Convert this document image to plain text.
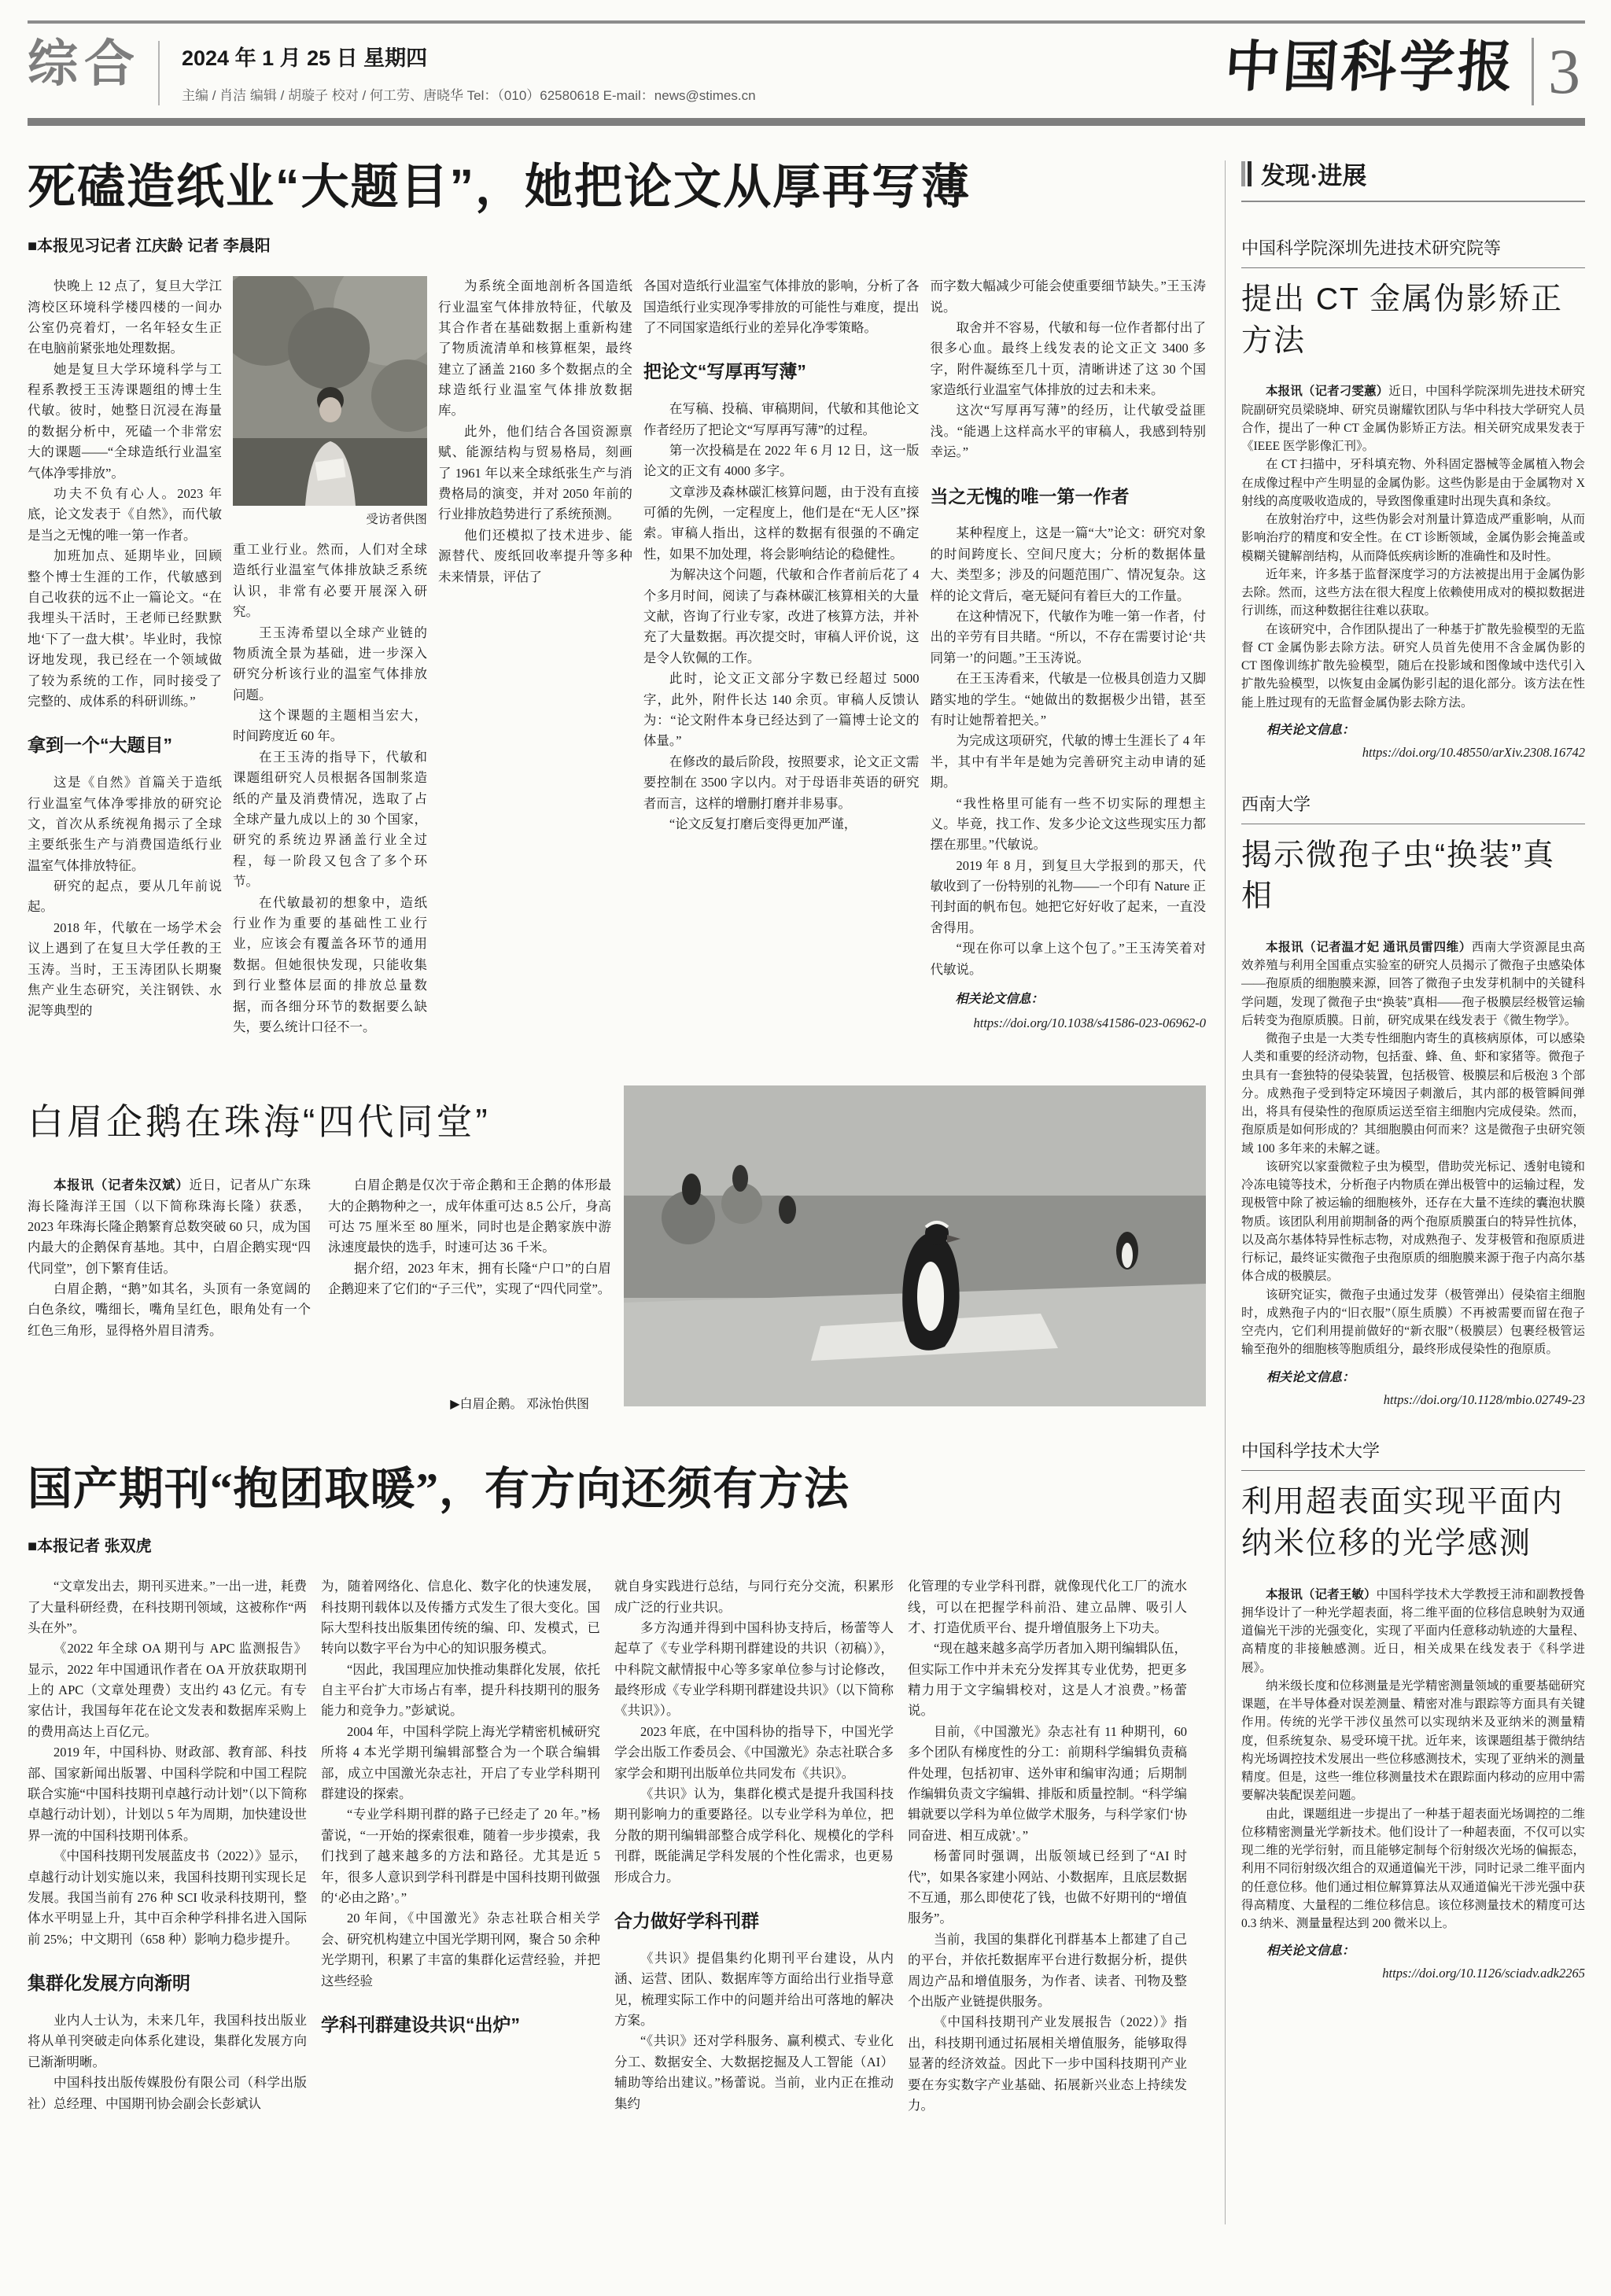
综合 2024 年 1 月 25 日 星期四
主编 / 肖洁 编辑 / 胡璇子 校对 / 何工劳、唐晓华 Tel：（010）62580618 E-mail：news@stimes.cn	中国科学报 3
死磕造纸业“大题目”，她把论文从厚再写薄
■本报见习记者 江庆龄 记者 李晨阳

快晚上 12 点了，复旦大学江湾校区环境科学楼四楼的一间办公室仍亮着灯，一名年轻女生正在电脑前紧张地处理数据。

她是复旦大学环境科学与工程系教授王玉涛课题组的博士生代敏。彼时，她整日沉浸在海量的数据分析中，死磕一个非常宏大的课题——“全球造纸行业温室气体净零排放”。

功夫不负有心人。2023 年底，论文发表于《自然》，而代敏是当之无愧的唯一第一作者。

加班加点、延期毕业，回顾整个博士生涯的工作，代敏感到自己收获的远不止一篇论文。“在我埋头干活时，王老师已经默默地‘下了一盘大棋’。毕业时，我惊讶地发现，我已经在一个领域做了较为系统的工作，同时接受了完整的、成体系的科研训练。”

拿到一个“大题目”

这是《自然》首篇关于造纸行业温室气体净零排放的研究论文，首次从系统视角揭示了全球主要纸张生产与消费国造纸行业温室气体排放特征。

研究的起点，要从几年前说起。

2018 年，代敏在一场学术会议上遇到了在复旦大学任教的王玉涛。当时，王玉涛团队长期聚焦产业生态研究，关注钢铁、水泥等典型的

受访者供图

重工业行业。然而，人们对全球造纸行业温室气体排放缺乏系统认识，非常有必要开展深入研究。

王玉涛希望以全球产业链的物质流全景为基础，进一步深入研究分析该行业的温室气体排放问题。

这个课题的主题相当宏大，时间跨度近 60 年。

在王玉涛的指导下，代敏和课题组研究人员根据各国制浆造纸的产量及消费情况，选取了占全球产量九成以上的 30 个国家，研究的系统边界涵盖行业全过程，每一阶段又包含了多个环节。

在代敏最初的想象中，造纸行业作为重要的基础性工业行业，应该会有覆盖各环节的通用数据。但她很快发现，只能收集到行业整体层面的排放总量数据，而各细分环节的数据要么缺失，要么统计口径不一。

为系统全面地剖析各国造纸行业温室气体排放特征，代敏及其合作者在基础数据上重新构建了物质流清单和核算框架，最终建立了涵盖 2160 多个数据点的全球造纸行业温室气体排放数据库。

此外，他们结合各国资源禀赋、能源结构与贸易格局，刻画了 1961 年以来全球纸张生产与消费格局的演变，并对 2050 年前的行业排放趋势进行了系统预测。

他们还模拟了技术进步、能源替代、废纸回收率提升等多种未来情景，评估了

各国对造纸行业温室气体排放的影响，分析了各国造纸行业实现净零排放的可能性与难度，提出了不同国家造纸行业的差异化净零策略。

把论文“写厚再写薄”

在写稿、投稿、审稿期间，代敏和其他论文作者经历了把论文“写厚再写薄”的过程。

第一次投稿是在 2022 年 6 月 12 日，这一版论文的正文有 4000 多字。

文章涉及森林碳汇核算问题，由于没有直接可循的先例，一定程度上，他们是在“无人区”探索。审稿人指出，这样的数据有很强的不确定性，如果不加处理，将会影响结论的稳健性。

为解决这个问题，代敏和合作者前后花了 4 个多月时间，阅读了与森林碳汇核算相关的大量文献，咨询了行业专家，改进了核算方法，并补充了大量数据。再次提交时，审稿人评价说，这是令人钦佩的工作。

此时，论文正文部分字数已经超过 5000 字，此外，附件长达 140 余页。审稿人反馈认为：“论文附件本身已经达到了一篇博士论文的体量。”

在修改的最后阶段，按照要求，论文正文需要控制在 3500 字以内。对于母语非英语的研究者而言，这样的增删打磨并非易事。

“论文反复打磨后变得更加严谨，

而字数大幅减少可能会使重要细节缺失。”王玉涛说。

取舍并不容易，代敏和每一位作者都付出了很多心血。最终上线发表的论文正文 3400 多字，附件凝练至几十页，清晰讲述了这 30 个国家造纸行业温室气体排放的过去和未来。

这次“写厚再写薄”的经历，让代敏受益匪浅。“能遇上这样高水平的审稿人，我感到特别幸运。”

当之无愧的唯一第一作者

某种程度上，这是一篇“大”论文：研究对象的时间跨度长、空间尺度大；分析的数据体量大、类型多；涉及的问题范围广、情况复杂。这样的论文背后，毫无疑问有着巨大的工作量。

在这种情况下，代敏作为唯一第一作者，付出的辛劳有目共睹。“所以，不存在需要讨论‘共同第一’的问题。”王玉涛说。

在王玉涛看来，代敏是一位极具创造力又脚踏实地的学生。“她做出的数据极少出错，甚至有时让她帮着把关。”

为完成这项研究，代敏的博士生涯长了 4 年半，其中有半年是她为完善研究主动申请的延期。

“我性格里可能有一些不切实际的理想主义。毕竟，找工作、发多少论文这些现实压力都摆在那里。”代敏说。

2019 年 8 月，到复旦大学报到的那天，代敏收到了一份特别的礼物——一个印有 Nature 正刊封面的帆布包。她把它好好收了起来，一直没舍得用。

“现在你可以拿上这个包了。”王玉涛笑着对代敏说。

相关论文信息：

https://doi.org/10.1038/s41586-023-06962-0

白眉企鹅在珠海“四代同堂”

本报讯（记者朱汉斌）近日，记者从广东珠海长隆海洋王国（以下简称珠海长隆）获悉，2023 年珠海长隆企鹅繁育总数突破 60 只，成为国内最大的企鹅保育基地。其中，白眉企鹅实现“四代同堂”，创下繁育佳话。

白眉企鹅，“鹅”如其名，头顶有一条宽阔的白色条纹，嘴细长，嘴角呈红色，眼角处有一个红色三角形，显得格外眉目清秀。

白眉企鹅是仅次于帝企鹅和王企鹅的体形最大的企鹅物种之一，成年体重可达 8.5 公斤，身高可达 75 厘米至 80 厘米，同时也是企鹅家族中游泳速度最快的选手，时速可达 36 千米。

据介绍，2023 年末，拥有长隆“户口”的白眉企鹅迎来了它们的“子三代”，实现了“四代同堂”。

▶白眉企鹅。 邓泳怡供图

国产期刊“抱团取暖”，有方向还须有方法
■本报记者 张双虎

“文章发出去，期刊买进来。”一出一进，耗费了大量科研经费，在科技期刊领域，这被称作“两头在外”。

《2022 年全球 OA 期刊与 APC 监测报告》显示，2022 年中国通讯作者在 OA 开放获取期刊上的 APC（文章处理费）支出约 43 亿元。有专家估计，我国每年花在论文发表和数据库采购上的费用高达上百亿元。

2019 年，中国科协、财政部、教育部、科技部、国家新闻出版署、中国科学院和中国工程院联合实施“中国科技期刊卓越行动计划”（以下简称卓越行动计划），计划以 5 年为周期，加快建设世界一流的中国科技期刊体系。

《中国科技期刊发展蓝皮书（2022）》显示，卓越行动计划实施以来，我国科技期刊实现长足发展。我国当前有 276 种 SCI 收录科技期刊，整体水平明显上升，其中百余种学科排名进入国际前 25%；中文期刊（658 种）影响力稳步提升。

集群化发展方向渐明

业内人士认为，未来几年，我国科技出版业将从单刊突破走向体系化建设，集群化发展方向已渐渐明晰。

中国科技出版传媒股份有限公司（科学出版社）总经理、中国期刊协会副会长彭斌认

为，随着网络化、信息化、数字化的快速发展，科技期刊载体以及传播方式发生了很大变化。国际大型科技出版集团传统的编、印、发模式，已转向以数字平台为中心的知识服务模式。

“因此，我国理应加快推动集群化发展，依托自主平台扩大市场占有率，提升科技期刊的服务能力和竞争力。”彭斌说。

2004 年，中国科学院上海光学精密机械研究所将 4 本光学期刊编辑部整合为一个联合编辑部，成立中国激光杂志社，开启了专业学科期刊群建设的探索。

“专业学科期刊群的路子已经走了 20 年。”杨蕾说，“一开始的探索很难，随着一步步摸索，我们找到了越来越多的方法和路径。尤其是近 5 年，很多人意识到学科刊群是中国科技期刊做强的‘必由之路’。”

20 年间，《中国激光》杂志社联合相关学会、研究机构建立中国光学期刊网，聚合 50 余种光学期刊，积累了丰富的集群化运营经验，并把这些经验

学科刊群建设共识“出炉”

就自身实践进行总结，与同行充分交流，积累形成广泛的行业共识。

多方沟通并得到中国科协支持后，杨蕾等人起草了《专业学科期刊群建设的共识（初稿）》，中科院文献情报中心等多家单位参与讨论修改，最终形成《专业学科期刊群建设共识》（以下简称《共识》）。

2023 年底，在中国科协的指导下，中国光学学会出版工作委员会、《中国激光》杂志社联合多家学会和期刊出版单位共同发布《共识》。

《共识》认为，集群化模式是提升我国科技期刊影响力的重要路径。以专业学科为单位，把分散的期刊编辑部整合成学科化、规模化的学科刊群，既能满足学科发展的个性化需求，也更易形成合力。

合力做好学科刊群

《共识》提倡集约化期刊平台建设，从内涵、运营、团队、数据库等方面给出行业指导意见，梳理实际工作中的问题并给出可落地的解决方案。

“《共识》还对学科服务、赢利模式、专业化分工、数据安全、大数据挖掘及人工智能（AI）辅助等给出建议。”杨蕾说。当前，业内正在推动集约

化管理的专业学科刊群，就像现代化工厂的流水线，可以在把握学科前沿、建立品牌、吸引人才、打造优质平台、提升增值服务上下功夫。

“现在越来越多高学历者加入期刊编辑队伍，但实际工作中并未充分发挥其专业优势，把更多精力用于文字编辑校对，这是人才浪费。”杨蕾说。

目前，《中国激光》杂志社有 11 种期刊，60 多个团队有梯度性的分工：前期科学编辑负责稿件处理，包括初审、送外审和编审沟通；后期制作编辑负责文字编辑、排版和质量控制。“科学编辑就要以学科为单位做学术服务，与科学家们‘协同奋进、相互成就’。”

杨蕾同时强调，出版领域已经到了“AI 时代”，如果各家建小网站、小数据库，且底层数据不互通，那么即使花了钱，也做不好期刊的“增值服务”。

当前，我国的集群化刊群基本上都建了自己的平台，并依托数据库平台进行数据分析，提供周边产品和增值服务，为作者、读者、刊物及整个出版产业链提供服务。

《中国科技期刊产业发展报告（2022）》指出，科技期刊通过拓展相关增值服务，能够取得显著的经济效益。因此下一步中国科技期刊产业要在夯实数字产业基础、拓展新兴业态上持续发力。

发现·进展
中国科学院深圳先进技术研究院等
提出 CT 金属伪影矫正方法

本报讯（记者刁雯蕙）近日，中国科学院深圳先进技术研究院副研究员梁晓坤、研究员谢耀钦团队与华中科技大学研究人员合作，提出了一种 CT 金属伪影矫正方法。相关研究成果发表于《IEEE 医学影像汇刊》。

在 CT 扫描中，牙科填充物、外科固定器械等金属植入物会在成像过程中产生明显的金属伪影。这些伪影是由于金属物对 X 射线的高度吸收造成的，导致图像重建时出现失真和条纹。

在放射治疗中，这些伪影会对剂量计算造成严重影响，从而影响治疗的精度和安全性。在 CT 诊断领域，金属伪影会掩盖或模糊关键解剖结构，从而降低疾病诊断的准确性和及时性。

近年来，许多基于监督深度学习的方法被提出用于金属伪影去除。然而，这些方法在很大程度上依赖使用成对的模拟数据进行训练，而这种数据往往难以获取。

在该研究中，合作团队提出了一种基于扩散先验模型的无监督 CT 金属伪影去除方法。研究人员首先使用不含金属伪影的 CT 图像训练扩散先验模型，随后在投影域和图像域中迭代引入扩散先验模型，以恢复由金属伪影引起的退化部分。该方法在性能上胜过现有的无监督金属伪影去除方法。

相关论文信息：

https://doi.org/10.48550/arXiv.2308.16742

西南大学
揭示微孢子虫“换装”真相

本报讯（记者温才妃 通讯员雷四维）西南大学资源昆虫高效养殖与利用全国重点实验室的研究人员揭示了微孢子虫感染体——孢原质的细胞膜来源，回答了微孢子虫发芽机制中的关键科学问题，发现了微孢子虫“换装”真相——孢子极膜层经极管运输后转变为孢原质膜。日前，研究成果在线发表于《微生物学》。

微孢子虫是一大类专性细胞内寄生的真核病原体，可以感染人类和重要的经济动物，包括蚕、蜂、鱼、虾和家猪等。微孢子虫具有一套独特的侵染装置，包括极管、极膜层和后极泡 3 个部分。成熟孢子受到特定环境因子刺激后，其内部的极管瞬间弹出，将具有侵染性的孢原质运送至宿主细胞内完成侵染。然而，孢原质是如何形成的？其细胞膜由何而来？这是微孢子虫研究领域 100 多年来的未解之谜。

该研究以家蚕微粒子虫为模型，借助荧光标记、透射电镜和冷冻电镜等技术，分析孢子内物质在弹出极管中的运输过程，发现极管中除了被运输的细胞核外，还存在大量不连续的囊泡状膜物质。该团队利用前期制备的两个孢原质膜蛋白的特异性抗体，以及高尔基体特异性标志物，对成熟孢子、发芽极管和孢原质进行标记，最终证实微孢子虫孢原质的细胞膜来源于孢子内高尔基体合成的极膜层。

该研究证实，微孢子虫通过发芽（极管弹出）侵染宿主细胞时，成熟孢子内的“旧衣服”（原生质膜）不再被需要而留在孢子空壳内，它们利用提前做好的“新衣服”（极膜层）包裹经极管运输至孢外的细胞核等胞质组分，最终形成侵染性的孢原质。

相关论文信息：

https://doi.org/10.1128/mbio.02749-23

中国科学技术大学
利用超表面实现平面内纳米位移的光学感测

本报讯（记者王敏）中国科学技术大学教授王沛和副教授鲁拥华设计了一种光学超表面，将二维平面的位移信息映射为双通道偏光干涉的光强变化，实现了平面内任意移动轨迹的大量程、高精度的非接触感测。近日，相关成果在线发表于《科学进展》。

纳米级长度和位移测量是光学精密测量领域的重要基础研究课题，在半导体叠对误差测量、精密对准与跟踪等方面具有关键作用。传统的光学干涉仪虽然可以实现纳米及亚纳米的测量精度，但系统复杂、易受环境干扰。近年来，该课题组基于微纳结构光场调控技术发展出一些位移感测技术，实现了亚纳米的测量精度。但是，这些一维位移测量技术在跟踪面内移动的应用中需要解决装配误差问题。

由此，课题组进一步提出了一种基于超表面光场调控的二维位移精密测量光学新技术。他们设计了一种超表面，不仅可以实现二维的光学衍射，而且能够定制每个衍射级次光场的偏振态，利用不同衍射级次组合的双通道偏光干涉，同时记录二维平面内的任意位移。他们通过相位解算算法从双通道偏光干涉光强中获得高精度、大量程的二维位移信息。该位移测量技术的精度可达 0.3 纳米、测量量程达到 200 微米以上。

相关论文信息：

https://doi.org/10.1126/sciadv.adk2265
